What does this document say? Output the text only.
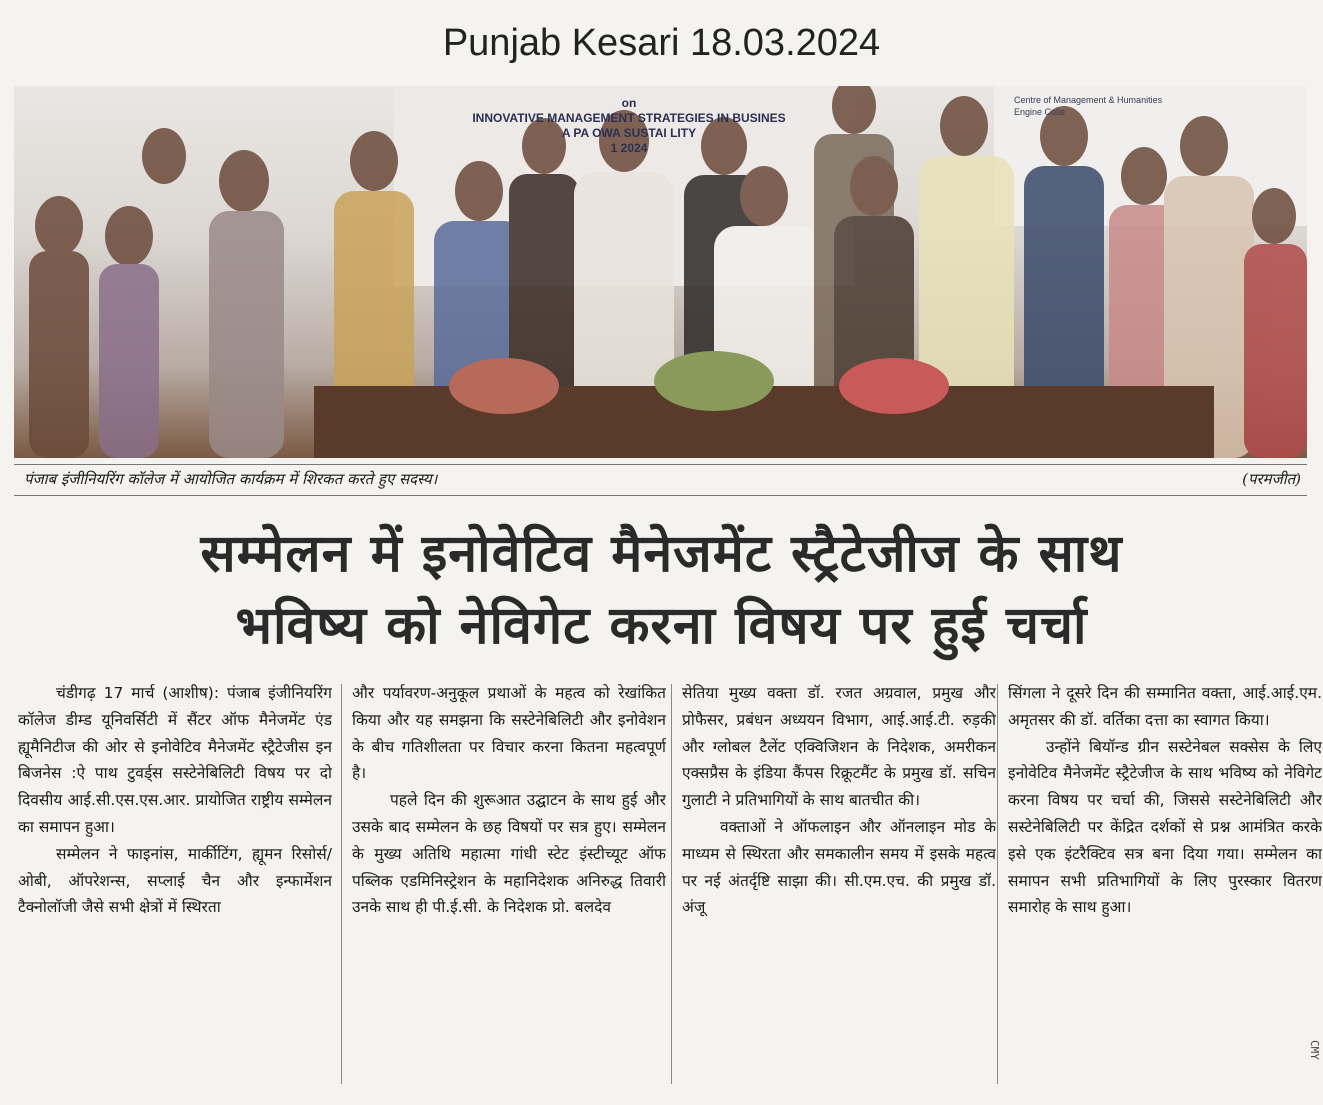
Punjab Kesari 18.03.2024
on
INNOVATIVE MANAGEMENT STRATEGIES IN BUSINES
A PA OWA SUSTAI LITY
1 2024
Centre of Management & Humanities
Engine Colle
पंजाब इंजीनियरिंग कॉलेज में आयोजित कार्यक्रम में शिरकत करते हुए सदस्य।	(परमजीत)
सम्मेलन में इनोवेटिव मैनेजमेंट स्ट्रैटेजीज के साथ
भविष्य को नेविगेट करना विषय पर हुई चर्चा

चंडीगढ़ 17 मार्च (आशीष): पंजाब इंजीनियरिंग कॉलेज डीम्ड यूनिवर्सिटी में सैंटर ऑफ मैनेजमेंट एंड ह्यूमैनिटीज की ओर से इनोवेटिव मैनेजमेंट स्ट्रैटेजीस इन बिजनेस :ऐ पाथ टुवर्ड्स सस्टेनेबिलिटी विषय पर दो दिवसीय आई.सी.एस.एस.आर. प्रायोजित राष्ट्रीय सम्मेलन का समापन हुआ।

सम्मेलन ने फाइनांस, मार्कीटिंग, ह्यूमन रिसोर्स/ओबी, ऑपरेशन्स, सप्लाई चैन और इन्फार्मेशन टैक्नोलॉजी जैसे सभी क्षेत्रों में स्थिरता

और पर्यावरण-अनुकूल प्रथाओं के महत्व को रेखांकित किया और यह समझना कि सस्टेनेबिलिटी और इनोवेशन के बीच गतिशीलता पर विचार करना कितना महत्वपूर्ण है।

पहले दिन की शुरूआत उद्घाटन के साथ हुई और उसके बाद सम्मेलन के छह विषयों पर सत्र हुए। सम्मेलन के मुख्य अतिथि महात्मा गांधी स्टेट इंस्टीच्यूट ऑफ पब्लिक एडमिनिस्ट्रेशन के महानिदेशक अनिरुद्ध तिवारी उनके साथ ही पी.ई.सी. के निदेशक प्रो. बलदेव

सेतिया मुख्य वक्ता डॉ. रजत अग्रवाल, प्रमुख और प्रोफैसर, प्रबंधन अध्ययन विभाग, आई.आई.टी. रुड़की और ग्लोबल टैलेंट एक्विजिशन के निदेशक, अमरीकन एक्सप्रैस के इंडिया कैंपस रिक्रूटमैंट के प्रमुख डॉ. सचिन गुलाटी ने प्रतिभागियों के साथ बातचीत की।

वक्ताओं ने ऑफलाइन और ऑनलाइन मोड के माध्यम से स्थिरता और समकालीन समय में इसके महत्व पर नई अंतर्दृष्टि साझा की। सी.एम.एच. की प्रमुख डॉ. अंजू

सिंगला ने दूसरे दिन की सम्मानित वक्ता, आई.आई.एम. अमृतसर की डॉ. वर्तिका दत्ता का स्वागत किया।

उन्होंने बियॉन्ड ग्रीन सस्टेनेबल सक्सेस के लिए इनोवेटिव मैनेजमेंट स्ट्रैटेजीज के साथ भविष्य को नेविगेट करना विषय पर चर्चा की, जिससे सस्टेनेबिलिटी और सस्टेनेबिलिटी पर केंद्रित दर्शकों से प्रश्न आमंत्रित करके इसे एक इंटरैक्टिव सत्र बना दिया गया। सम्मेलन का समापन सभी प्रतिभागियों के लिए पुरस्कार वितरण समारोह के साथ हुआ।

CMY
